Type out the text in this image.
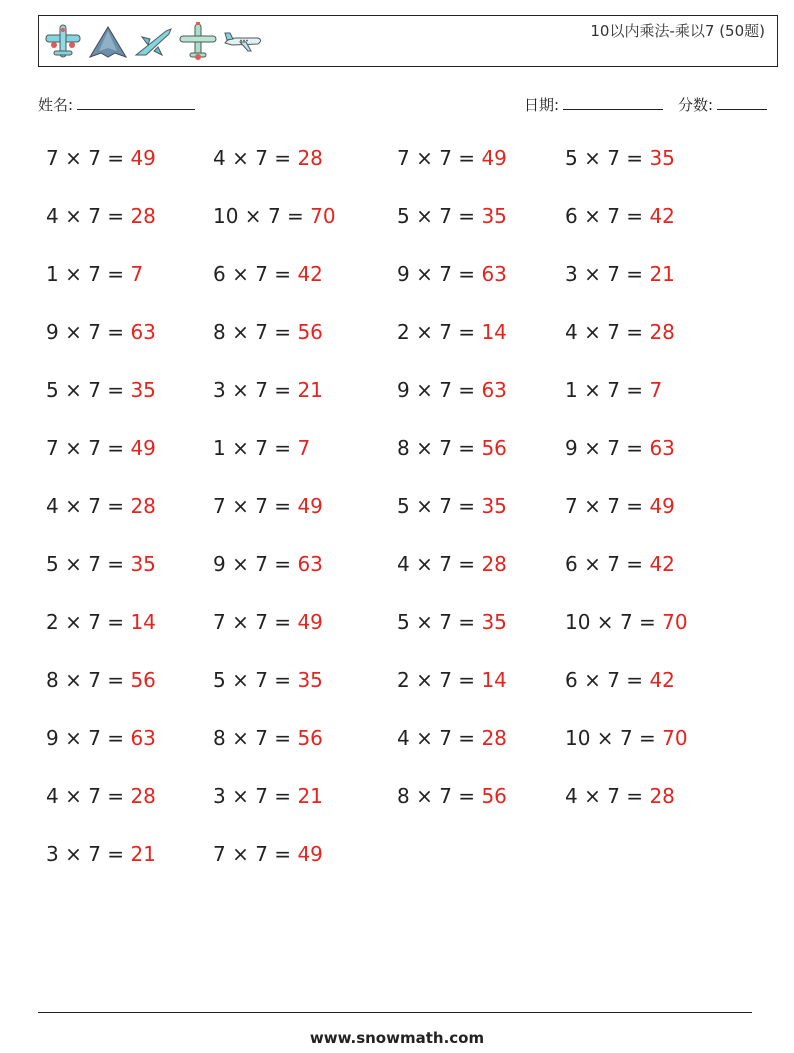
10以内乘法-乘以7 (50题)
姓名:	日期:	分数:
7 × 7 = 49
4 × 7 = 28
1 × 7 = 7
9 × 7 = 63
5 × 7 = 35
7 × 7 = 49
4 × 7 = 28
5 × 7 = 35
2 × 7 = 14
8 × 7 = 56
9 × 7 = 63
4 × 7 = 28
3 × 7 = 21
4 × 7 = 28
10 × 7 = 70
6 × 7 = 42
8 × 7 = 56
3 × 7 = 21
1 × 7 = 7
7 × 7 = 49
9 × 7 = 63
7 × 7 = 49
5 × 7 = 35
8 × 7 = 56
3 × 7 = 21
7 × 7 = 49
7 × 7 = 49
5 × 7 = 35
9 × 7 = 63
2 × 7 = 14
9 × 7 = 63
8 × 7 = 56
5 × 7 = 35
4 × 7 = 28
5 × 7 = 35
2 × 7 = 14
4 × 7 = 28
8 × 7 = 56
5 × 7 = 35
6 × 7 = 42
3 × 7 = 21
4 × 7 = 28
1 × 7 = 7
9 × 7 = 63
7 × 7 = 49
6 × 7 = 42
10 × 7 = 70
6 × 7 = 42
10 × 7 = 70
4 × 7 = 28
www.snowmath.com
